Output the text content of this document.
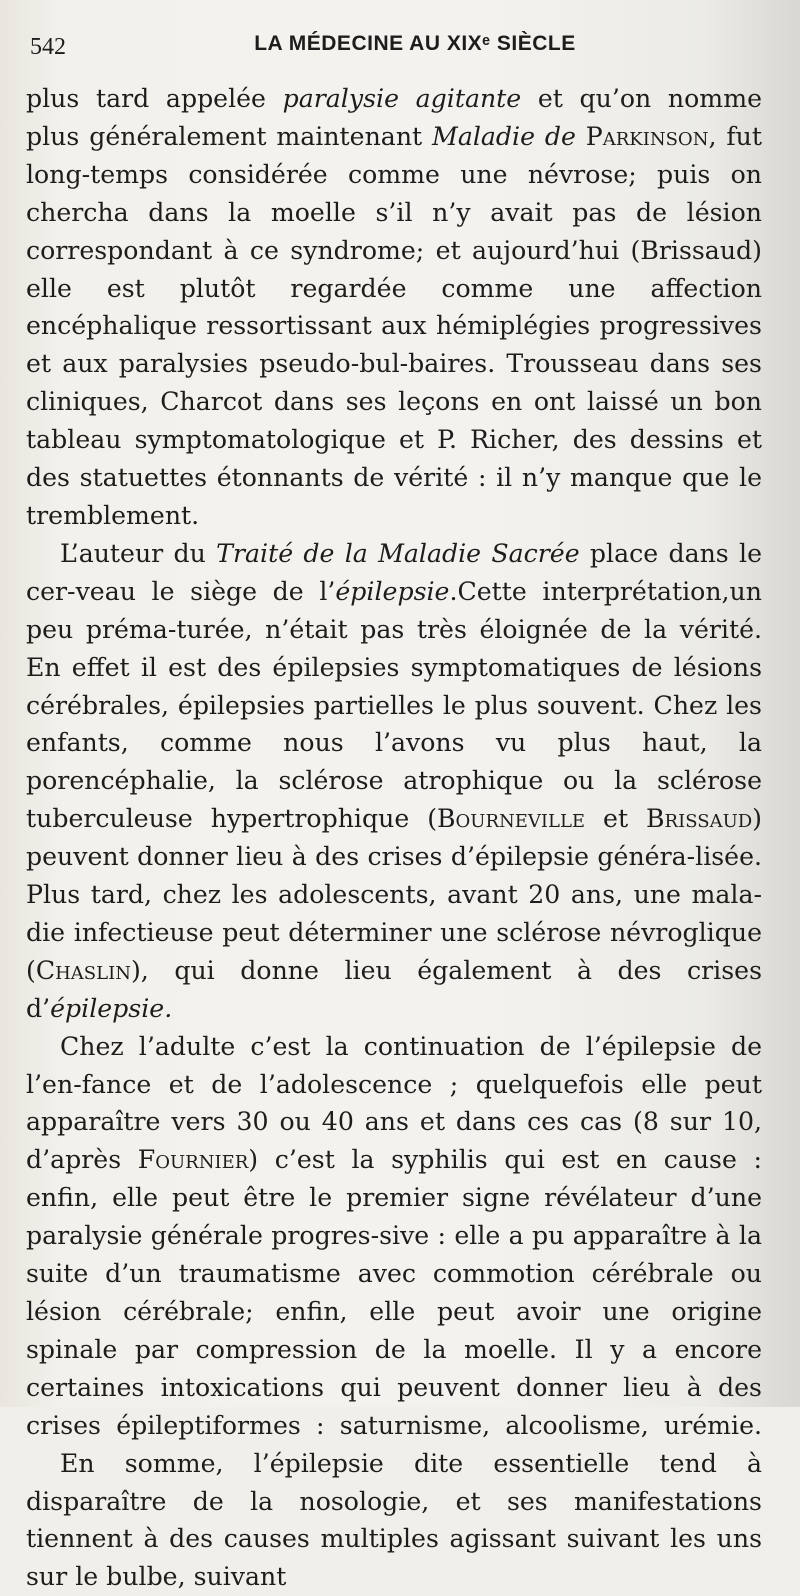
542	LA MÉDECINE AU XIXᵉ SIÈCLE

plus tard appelée paralysie agitante et qu’on nomme plus généralement maintenant Maladie de Parkinson, fut long-temps considérée comme une névrose; puis on chercha dans la moelle s’il n’y avait pas de lésion correspondant à ce syndrome; et aujourd’hui (Brissaud) elle est plutôt regardée comme une affection encéphalique ressortissant aux hémiplégies progressives et aux paralysies pseudo-bul-baires. Trousseau dans ses cliniques, Charcot dans ses leçons en ont laissé un bon tableau symptomatologique et P. Richer, des dessins et des statuettes étonnants de vérité : il n’y manque que le tremblement.

L’auteur du Traité de la Maladie Sacrée place dans le cer-veau le siège de l’épilepsie.Cette interprétation,un peu préma-turée, n’était pas très éloignée de la vérité. En effet il est des épilepsies symptomatiques de lésions cérébrales, épilepsies partielles le plus souvent. Chez les enfants, comme nous l’avons vu plus haut, la porencéphalie, la sclérose atrophique ou la sclérose tuberculeuse hypertrophique (Bourneville et Brissaud) peuvent donner lieu à des crises d’épilepsie généra-lisée. Plus tard, chez les adolescents, avant 20 ans, une mala-die infectieuse peut déterminer une sclérose névroglique (Chaslin), qui donne lieu également à des crises d’épilepsie.

Chez l’adulte c’est la continuation de l’épilepsie de l’en-fance et de l’adolescence ; quelquefois elle peut apparaître vers 30 ou 40 ans et dans ces cas (8 sur 10, d’après Fournier) c’est la syphilis qui est en cause : enfin, elle peut être le premier signe révélateur d’une paralysie générale progres-sive : elle a pu apparaître à la suite d’un traumatisme avec commotion cérébrale ou lésion cérébrale; enfin, elle peut avoir une origine spinale par compression de la moelle. Il y a encore certaines intoxications qui peuvent donner lieu à des crises épileptiformes : saturnisme, alcoolisme, urémie.

En somme, l’épilepsie dite essentielle tend à disparaître de la nosologie, et ses manifestations tiennent à des causes multiples agissant suivant les uns sur le bulbe, suivant
